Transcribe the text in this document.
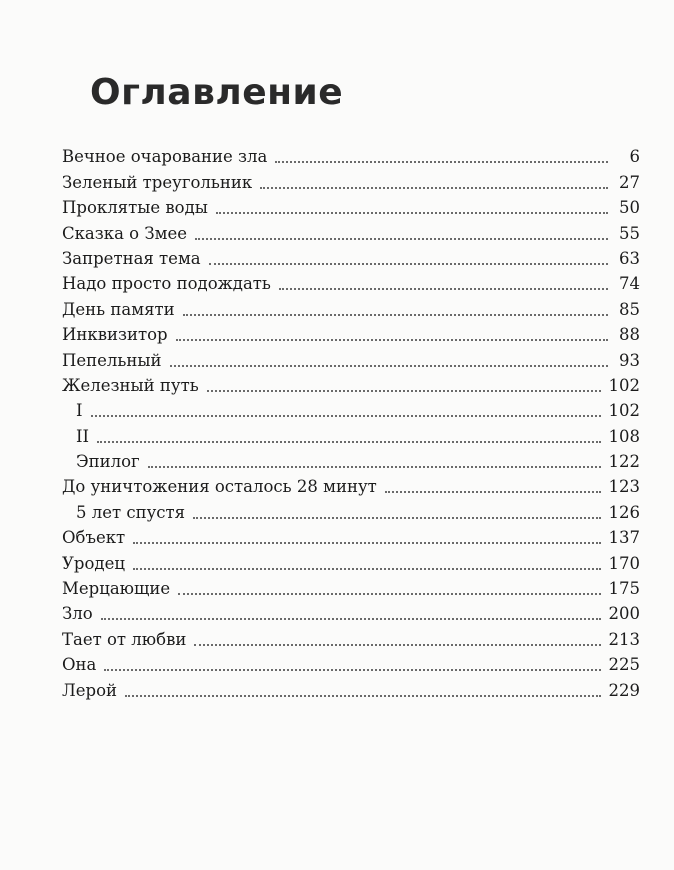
Оглавление
Вечное очарование зла	6
Зеленый треугольник	27
Проклятые воды	50
Сказка о Змее	55
Запретная тема	63
Надо просто подождать	74
День памяти	85
Инквизитор	88
Пепельный	93
Железный путь	102
I	102
II	108
Эпилог	122
До уничтожения осталось 28 минут	123
5 лет спустя	126
Объект	137
Уродец	170
Мерцающие	175
Зло	200
Тает от любви	213
Она	225
Лерой	229
